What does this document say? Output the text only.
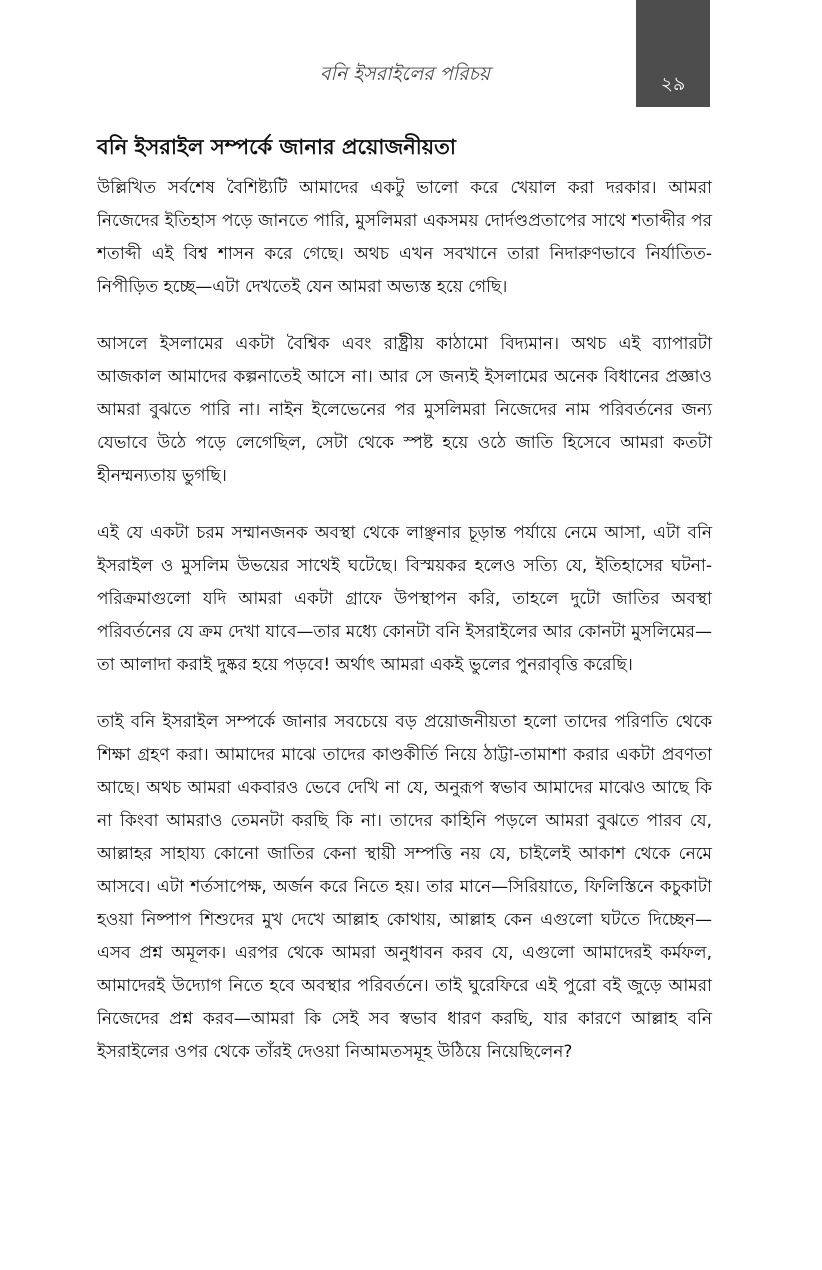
বনি ইসরাইলের পরিচয়	২৯
বনি ইসরাইল সম্পর্কে জানার প্রয়োজনীয়তা

উল্লিখিত সর্বশেষ বৈশিষ্ট্যটি আমাদের একটু ভালো করে খেয়াল করা দরকার। আমরা নিজেদের ইতিহাস পড়ে জানতে পারি, মুসলিমরা একসময় দোর্দণ্ডপ্রতাপের সাথে শতাব্দীর পর শতাব্দী এই বিশ্ব শাসন করে গেছে। অথচ এখন সবখানে তারা নিদারুণভাবে নির্যাতিত-নিপীড়িত হচ্ছে—এটা দেখতেই যেন আমরা অভ্যস্ত হয়ে গেছি।

আসলে ইসলামের একটা বৈশ্বিক এবং রাষ্ট্রীয় কাঠামো বিদ্যমান। অথচ এই ব্যাপারটা আজকাল আমাদের কল্পনাতেই আসে না। আর সে জন্যই ইসলামের অনেক বিধানের প্রজ্ঞাও আমরা বুঝতে পারি না। নাইন ইলেভেনের পর মুসলিমরা নিজেদের নাম পরিবর্তনের জন্য যেভাবে উঠে পড়ে লেগেছিল, সেটা থেকে স্পষ্ট হয়ে ওঠে জাতি হিসেবে আমরা কতটা হীনম্মন্যতায় ভুগছি।

এই যে একটা চরম সম্মানজনক অবস্থা থেকে লাঞ্ছনার চূড়ান্ত পর্যায়ে নেমে আসা, এটা বনি ইসরাইল ও মুসলিম উভয়ের সাথেই ঘটেছে। বিস্ময়কর হলেও সত্যি যে, ইতিহাসের ঘটনা-পরিক্রমাগুলো যদি আমরা একটা গ্রাফে উপস্থাপন করি, তাহলে দুটো জাতির অবস্থা পরিবর্তনের যে ক্রম দেখা যাবে—তার মধ্যে কোনটা বনি ইসরাইলের আর কোনটা মুসলিমের—তা আলাদা করাই দুষ্কর হয়ে পড়বে! অর্থাৎ আমরা একই ভুলের পুনরাবৃত্তি করেছি।

তাই বনি ইসরাইল সম্পর্কে জানার সবচেয়ে বড় প্রয়োজনীয়তা হলো তাদের পরিণতি থেকে শিক্ষা গ্রহণ করা। আমাদের মাঝে তাদের কাণ্ডকীর্তি নিয়ে ঠাট্টা-তামাশা করার একটা প্রবণতা আছে। অথচ আমরা একবারও ভেবে দেখি না যে, অনুরূপ স্বভাব আমাদের মাঝেও আছে কি না কিংবা আমরাও তেমনটা করছি কি না। তাদের কাহিনি পড়লে আমরা বুঝতে পারব যে, আল্লাহর সাহায্য কোনো জাতির কেনা স্থায়ী সম্পত্তি নয় যে, চাইলেই আকাশ থেকে নেমে আসবে। এটা শর্তসাপেক্ষ, অর্জন করে নিতে হয়। তার মানে—সিরিয়াতে, ফিলিস্তিনে কচুকাটা হওয়া নিষ্পাপ শিশুদের মুখ দেখে আল্লাহ কোথায়, আল্লাহ কেন এগুলো ঘটতে দিচ্ছেন—এসব প্রশ্ন অমূলক। এরপর থেকে আমরা অনুধাবন করব যে, এগুলো আমাদেরই কর্মফল, আমাদেরই উদ্যোগ নিতে হবে অবস্থার পরিবর্তনে। তাই ঘুরেফিরে এই পুরো বই জুড়ে আমরা নিজেদের প্রশ্ন করব—আমরা কি সেই সব স্বভাব ধারণ করছি, যার কারণে আল্লাহ বনি ইসরাইলের ওপর থেকে তাঁরই দেওয়া নিআমতসমূহ উঠিয়ে নিয়েছিলেন?
